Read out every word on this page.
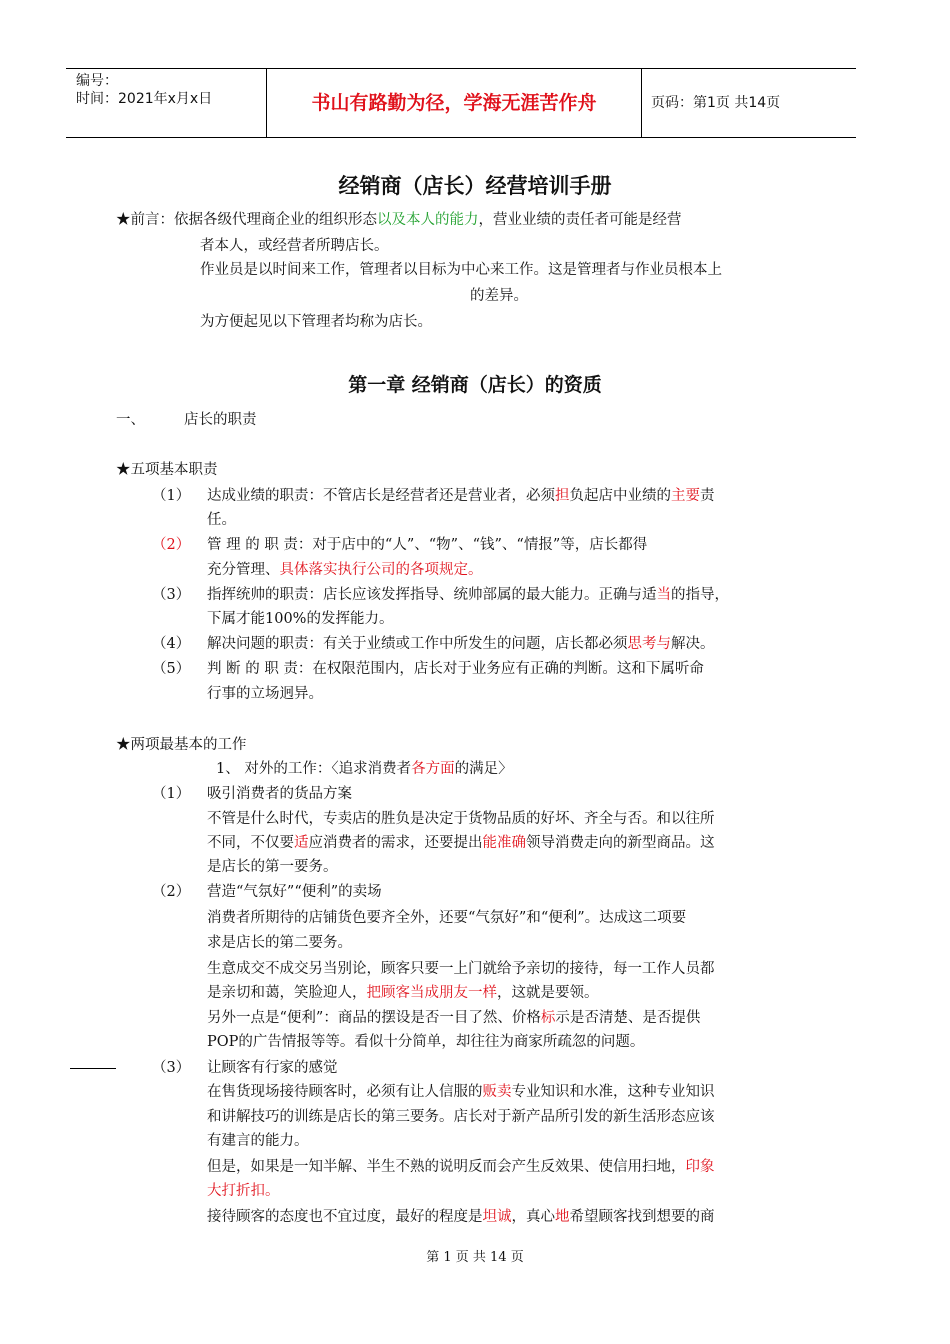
编号：
时间：2021年x月x日	书山有路勤为径，学海无涯苦作舟	页码：第1页 共14页
经销商（店长）经营培训手册
★前言：依据各级代理商企业的组织形态以及本人的能力，营业业绩的责任者可能是经营
者本人，或经营者所聘店长。
作业员是以时间来工作，管理者以目标为中心来工作。这是管理者与作业员根本上
的差异。
为方便起见以下管理者均称为店长。
第一章 经销商（店长）的资质
一、	店长的职责
★五项基本职责
（1） 达成业绩的职责：不管店长是经营者还是营业者，必须担负起店中业绩的主要责
任。
（2） 管 理 的 职 责：对于店中的“人”、“物”、“钱”、“情报”等，店长都得
充分管理、具体落实执行公司的各项规定。
（3） 指挥统帅的职责：店长应该发挥指导、统帅部属的最大能力。正确与适当的指导，
下属才能100%的发挥能力。
（4） 解决问题的职责：有关于业绩或工作中所发生的问题，店长都必须思考与解决。
（5） 判 断 的 职 责：在权限范围内，店长对于业务应有正确的判断。这和下属听命
行事的立场迥异。
★两项最基本的工作
1、 对外的工作：〈追求消费者各方面的满足〉
（1） 吸引消费者的货品方案
不管是什么时代，专卖店的胜负是决定于货物品质的好坏、齐全与否。和以往所
不同，不仅要适应消费者的需求，还要提出能准确领导消费走向的新型商品。这
是店长的第一要务。
（2） 营造“气氛好”“便利”的卖场
消费者所期待的店铺货色要齐全外，还要“气氛好”和“便利”。达成这二项要
求是店长的第二要务。
生意成交不成交另当别论，顾客只要一上门就给予亲切的接待，每一工作人员都
是亲切和蔼，笑脸迎人，把顾客当成朋友一样，这就是要领。
另外一点是“便利”：商品的摆设是否一目了然、价格标示是否清楚、是否提供
POP的广告情报等等。看似十分简单，却往往为商家所疏忽的问题。
（3） 让顾客有行家的感觉
在售货现场接待顾客时，必须有让人信服的贩卖专业知识和水准，这种专业知识
和讲解技巧的训练是店长的第三要务。店长对于新产品所引发的新生活形态应该
有建言的能力。
但是，如果是一知半解、半生不熟的说明反而会产生反效果、使信用扫地，印象
大打折扣。
接待顾客的态度也不宜过度，最好的程度是坦诚，真心地希望顾客找到想要的商
第 1 页 共 14 页
